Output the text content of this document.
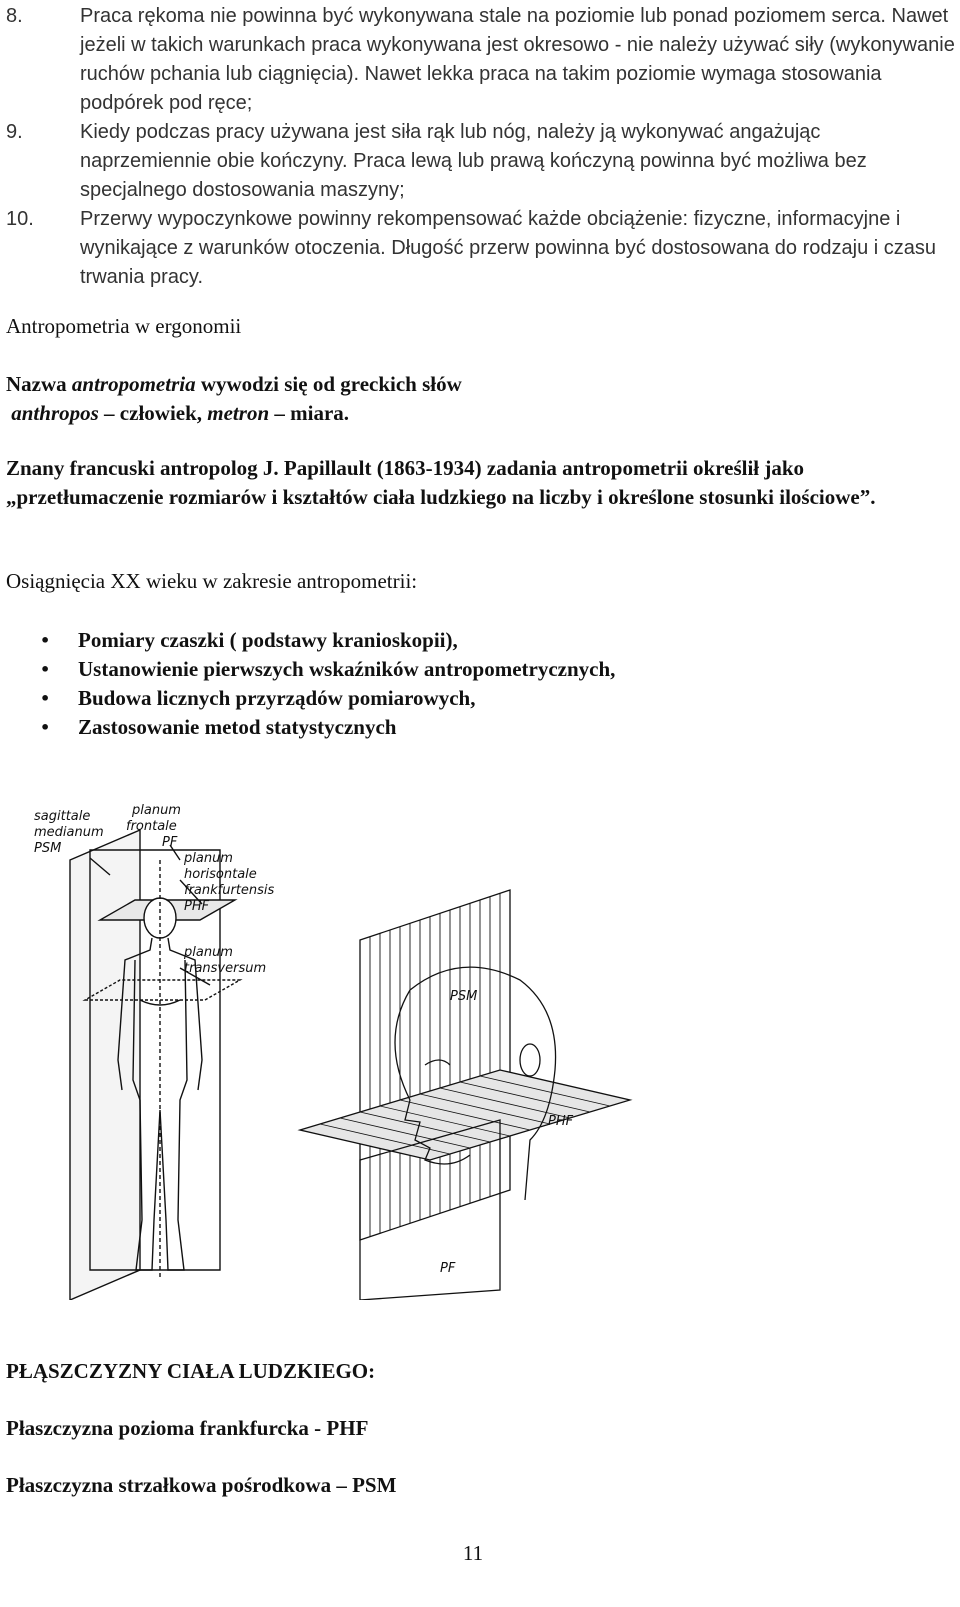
8.	Praca rękoma nie powinna być wykonywana stale na poziomie lub ponad poziomem serca. Nawet jeżeli w takich warunkach praca wykonywana jest okresowo - nie należy używać siły (wykonywanie ruchów pchania lub ciągnięcia). Nawet lekka praca na takim poziomie wymaga stosowania podpórek pod ręce;
9.	Kiedy podczas pracy używana jest siła rąk lub nóg, należy ją wykonywać angażując naprzemiennie obie kończyny. Praca lewą lub prawą kończyną powinna być możliwa bez specjalnego dostosowania maszyny;
10.	Przerwy wypoczynkowe powinny rekompensować każde obciążenie: fizyczne, informacyjne i wynikające z warunków otoczenia. Długość przerw powinna być dostosowana do rodzaju i czasu trwania pracy.

Antropometria w ergonomii

Nazwa antropometria wywodzi się od greckich słów
anthropos – człowiek, metron – miara.

Znany francuski antropolog J. Papillault (1863-1934) zadania antropometrii określił jako „przetłumaczenie rozmiarów i kształtów ciała ludzkiego na liczby i określone stosunki ilościowe”.

Osiągnięcia XX wieku w zakresie antropometrii:

• Pomiary czaszki ( podstawy kranioskopii),
• Ustanowienie pierwszych wskaźników antropometrycznych,
• Budowa licznych przyrządów pomiarowych,
• Zastosowanie metod statystycznych
sagittale
medianum
PSM
planum
frontale
PF
planum
horisontale
frankfurtensis
PHF
planum
transversum
PSM
PHF
PF

PŁĄSZCZYZNY CIAŁA LUDZKIEGO:

Płaszczyzna pozioma frankfurcka - PHF

Płaszczyzna strzałkowa pośrodkowa – PSM

11
